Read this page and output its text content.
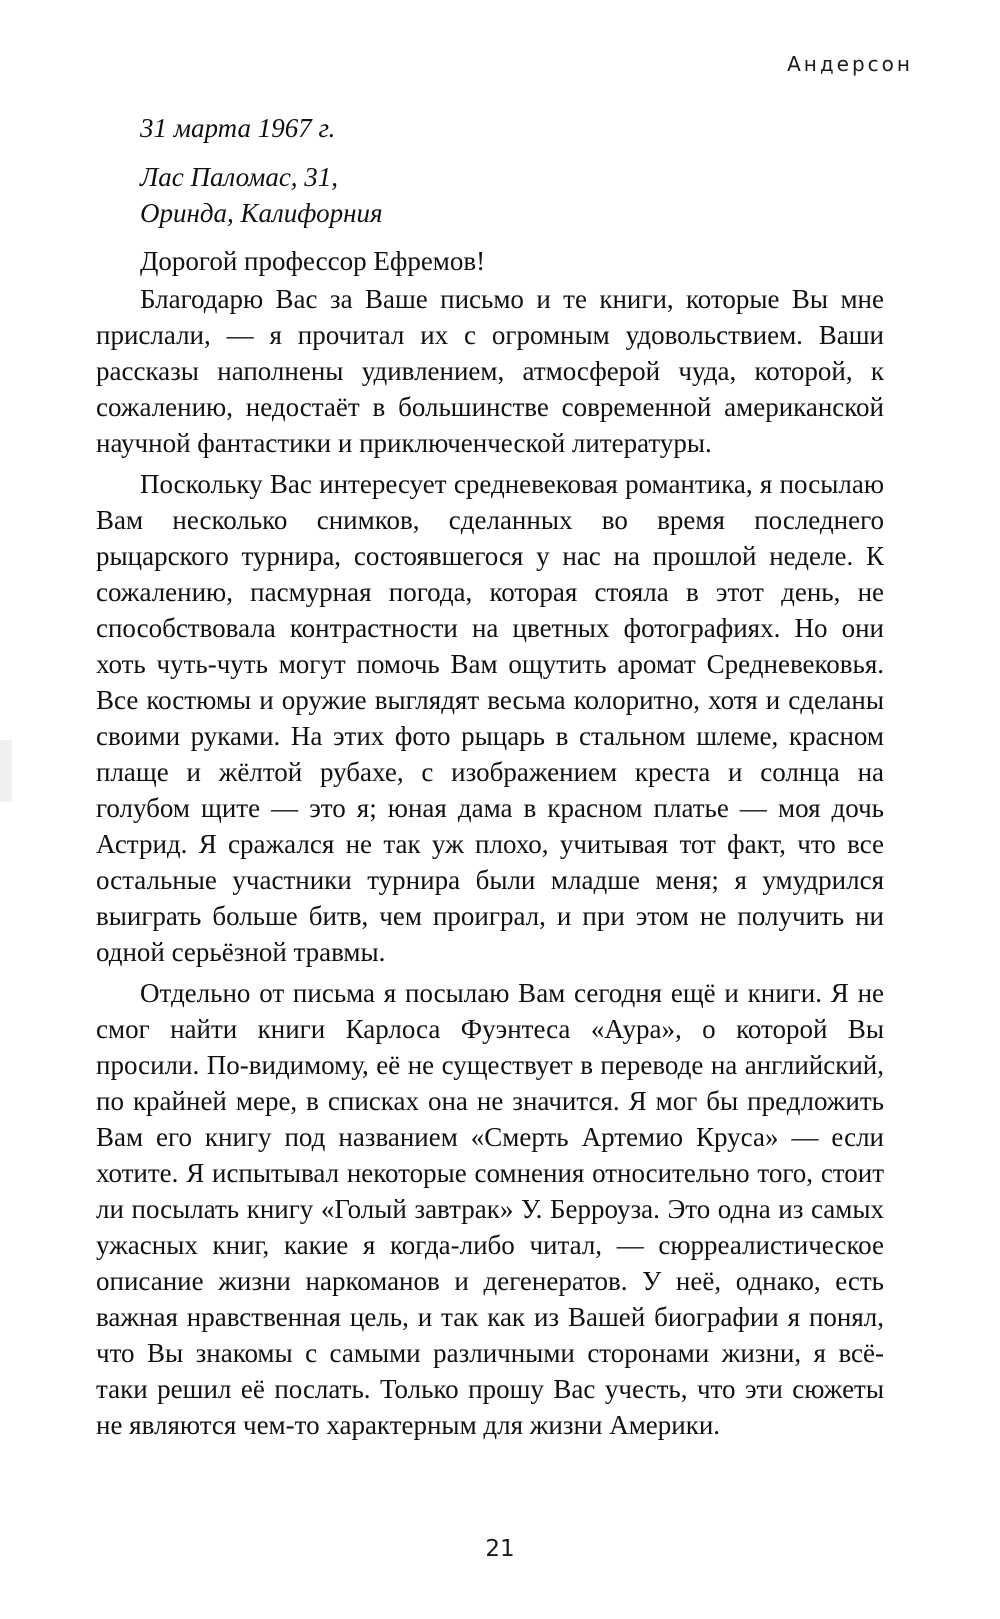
Андерсон
31 марта 1967 г.
Лас Паломас, 31,
Оринда, Калифорния

Дорогой профессор Ефремов!

Благодарю Вас за Ваше письмо и те книги, которые Вы мне прислали, — я прочитал их с огромным удовольствием. Ваши рассказы наполнены удивлением, атмосферой чуда, которой, к сожалению, недостаёт в большинстве современной американской научной фантастики и приключенческой литературы.

Поскольку Вас интересует средневековая романтика, я посылаю Вам несколько снимков, сделанных во время последнего рыцарского турнира, состоявшегося у нас на прошлой неделе. К сожалению, пасмурная погода, которая стояла в этот день, не способствовала контрастности на цветных фотографиях. Но они хоть чуть-чуть могут помочь Вам ощутить аромат Средневековья. Все костюмы и оружие выглядят весьма колоритно, хотя и сделаны своими руками. На этих фото рыцарь в стальном шлеме, красном плаще и жёлтой рубахе, с изображением креста и солнца на голубом щите — это я; юная дама в красном платье — моя дочь Астрид. Я сражался не так уж плохо, учитывая тот факт, что все остальные участники турнира были младше меня; я умудрился выиграть больше битв, чем проиграл, и при этом не получить ни одной серьёзной травмы.

Отдельно от письма я посылаю Вам сегодня ещё и книги. Я не смог найти книги Карлоса Фуэнтеса «Аура», о которой Вы просили. По-видимому, её не существует в переводе на английский, по крайней мере, в списках она не значится. Я мог бы предложить Вам его книгу под названием «Смерть Артемио Круса» — если хотите. Я испытывал некоторые сомнения относительно того, стоит ли посылать книгу «Голый завтрак» У. Берроуза. Это одна из самых ужасных книг, какие я когда-либо читал, — сюрреалистическое описание жизни наркоманов и дегенератов. У неё, однако, есть важная нравственная цель, и так как из Вашей биографии я понял, что Вы знакомы с самыми различными сторонами жизни, я всё-таки решил её послать. Только прошу Вас учесть, что эти сюжеты не являются чем-то характерным для жизни Америки.

21
